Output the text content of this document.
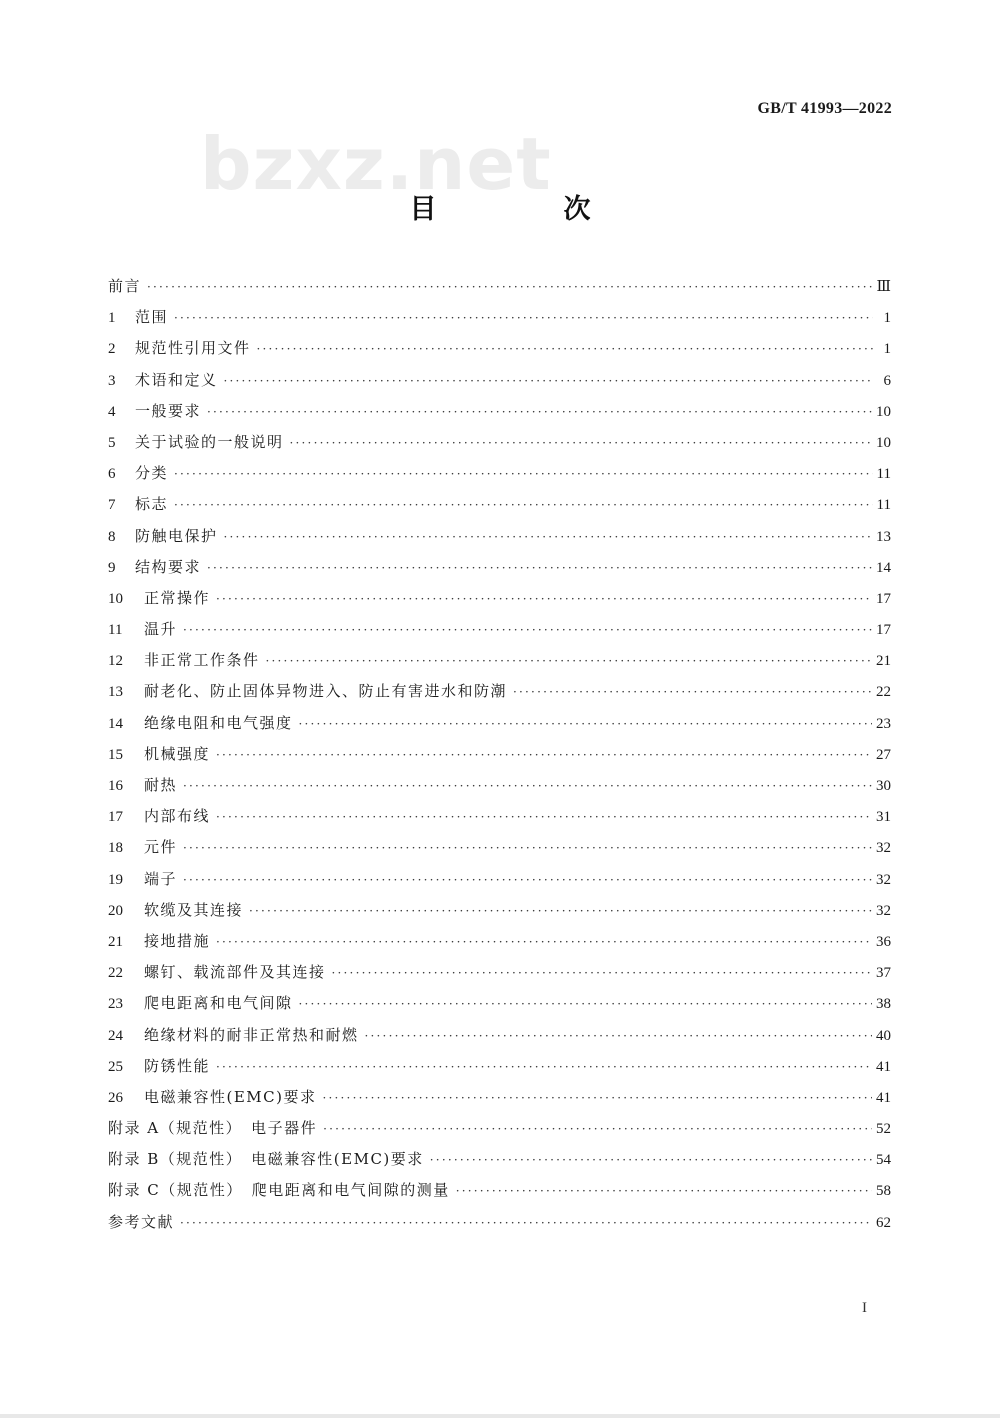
GB/T 41993—2022
bzxz.net
目　次
前言 ·····	Ⅲ
1	范围 ·····	1
2	规范性引用文件 ·····	1
3	术语和定义 ·····	6
4	一般要求 ·····	10
5	关于试验的一般说明 ·····	10
6	分类 ·····	11
7	标志 ·····	11
8	防触电保护 ·····	13
9	结构要求 ·····	14
10	正常操作 ·····	17
11	温升 ·····	17
12	非正常工作条件 ·····	21
13	耐老化、防止固体异物进入、防止有害进水和防潮 ·····	22
14	绝缘电阻和电气强度 ·····	23
15	机械强度 ·····	27
16	耐热 ·····	30
17	内部布线 ·····	31
18	元件 ·····	32
19	端子 ·····	32
20	软缆及其连接 ·····	32
21	接地措施 ·····	36
22	螺钉、载流部件及其连接 ·····	37
23	爬电距离和电气间隙 ·····	38
24	绝缘材料的耐非正常热和耐燃 ·····	40
25	防锈性能 ·····	41
26	电磁兼容性(EMC)要求 ·····	41
附录 A（规范性）　电子器件 ·····	52
附录 B（规范性）　电磁兼容性(EMC)要求 ·····	54
附录 C（规范性）　爬电距离和电气间隙的测量 ·····	58
参考文献 ·····	62
I
